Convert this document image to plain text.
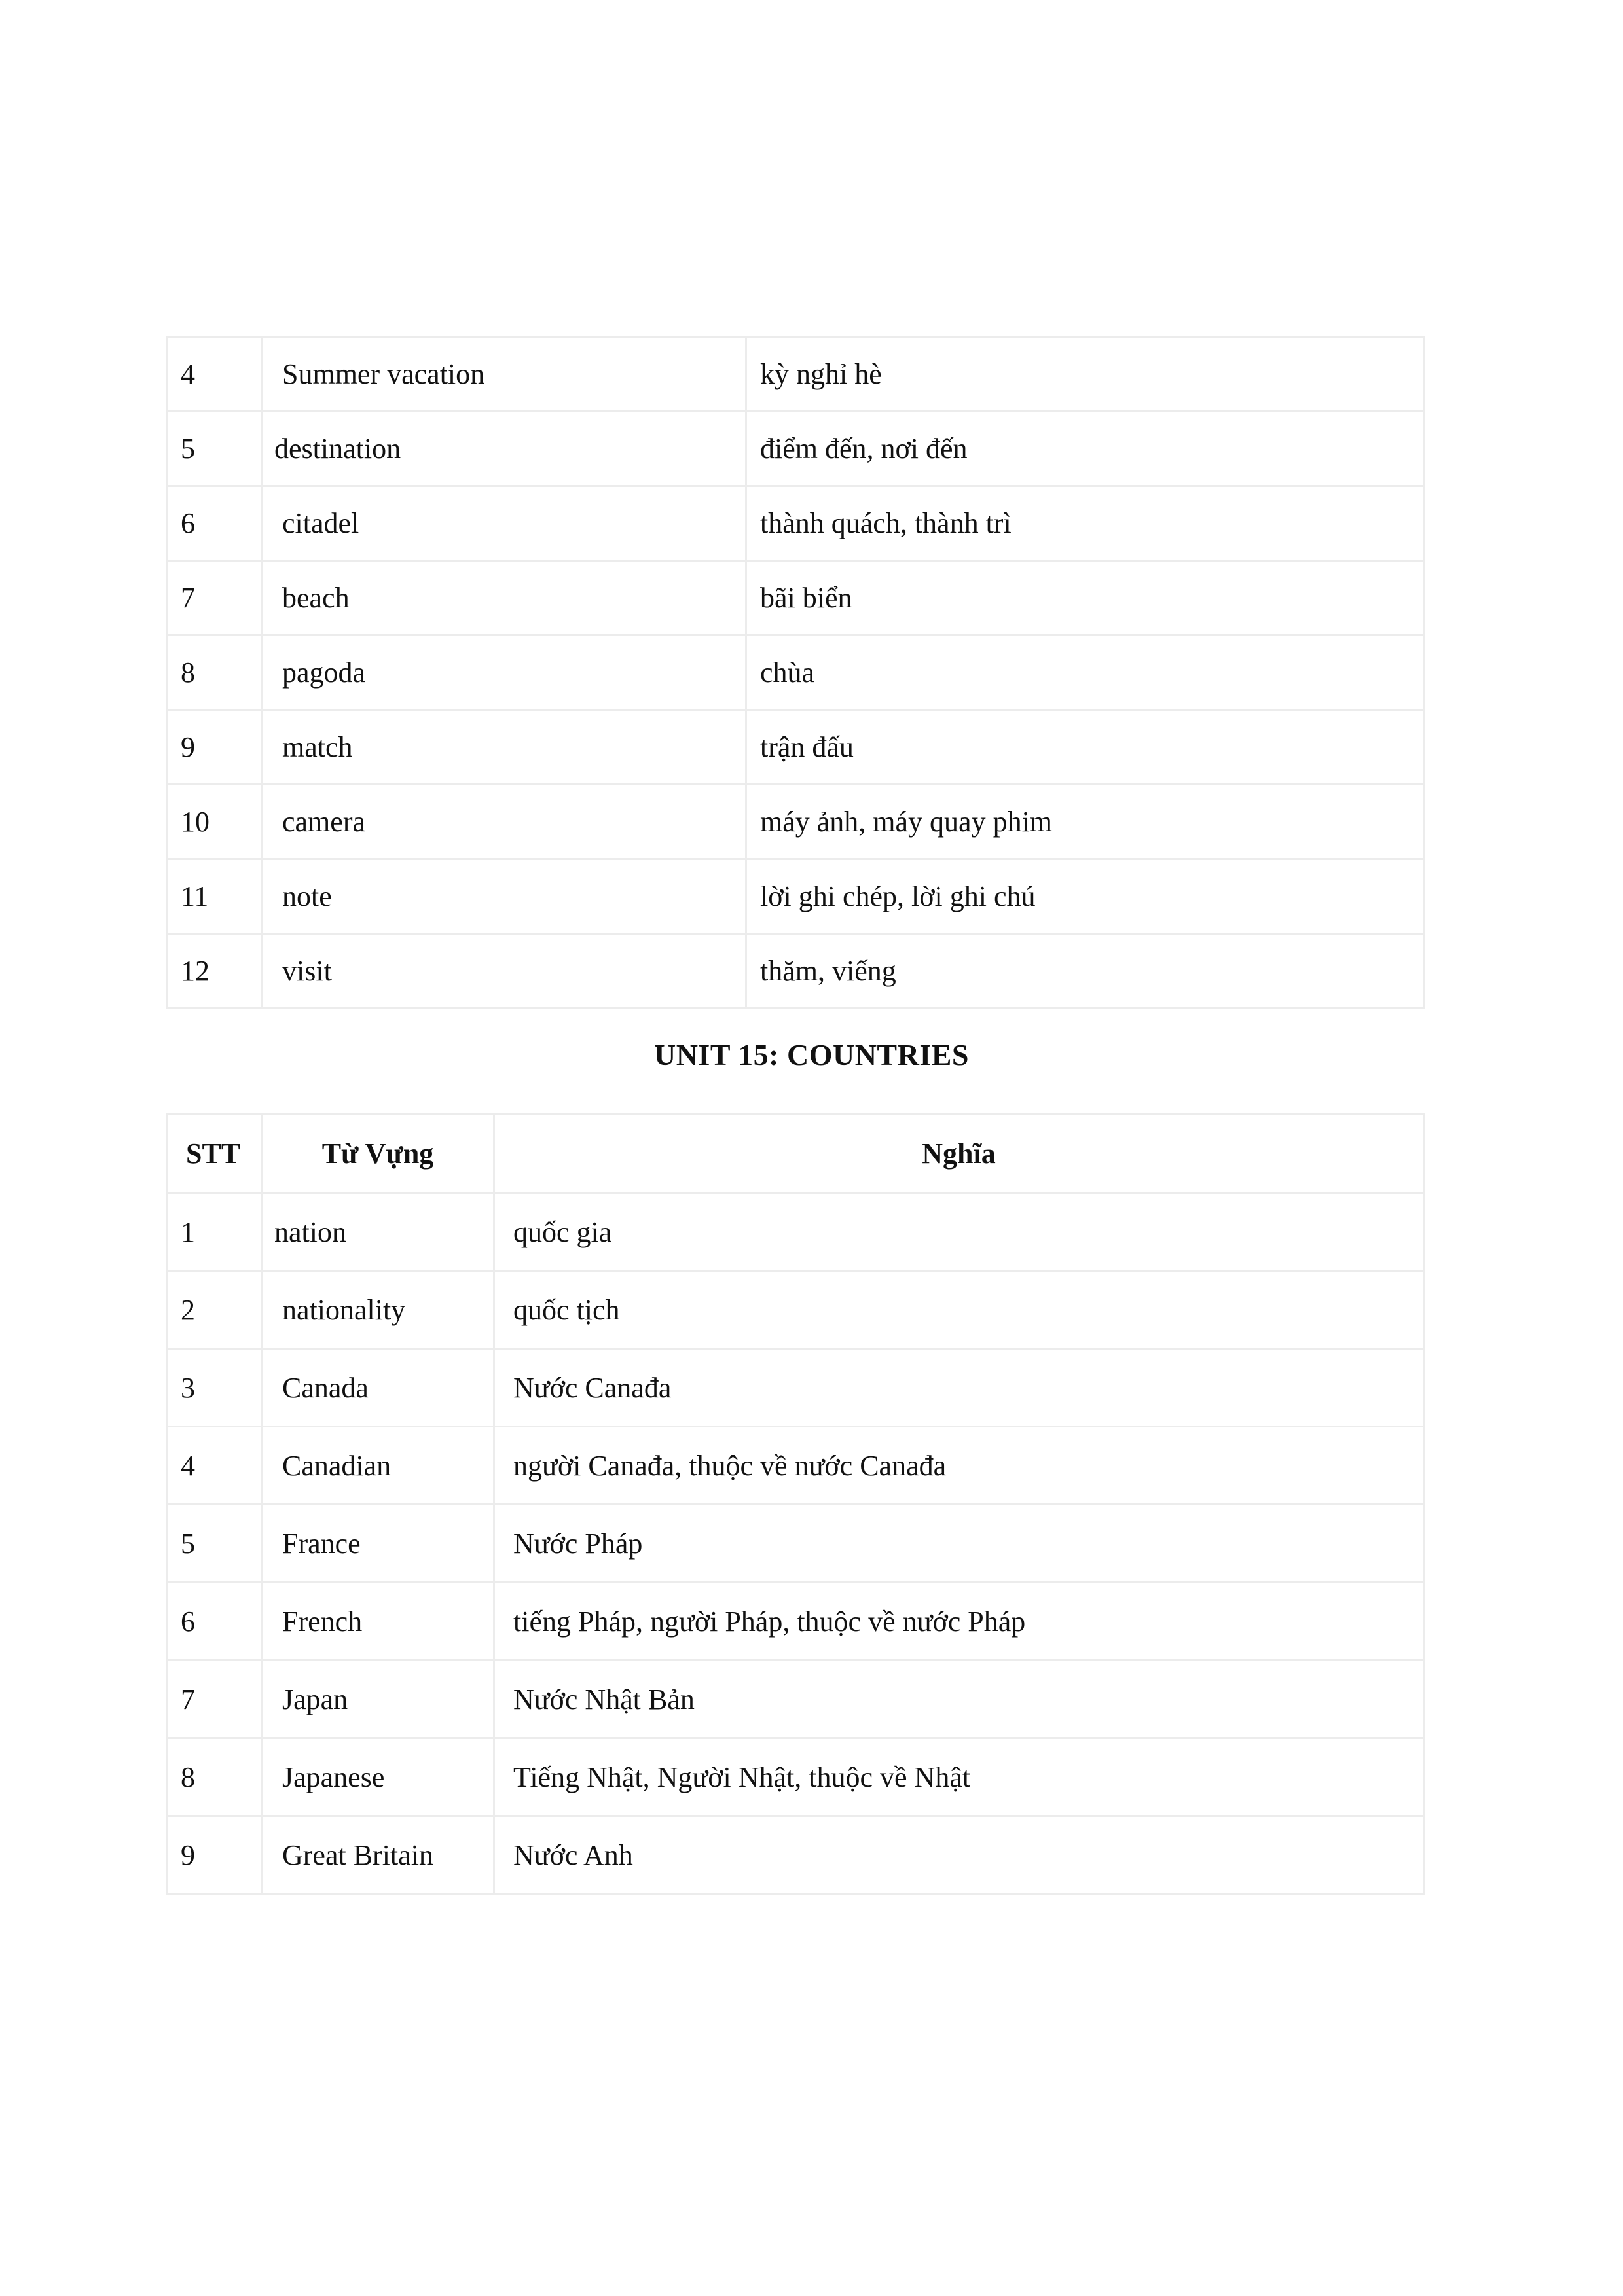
4	Summer vacation	kỳ nghỉ hè
5	destination	điểm đến, nơi đến
6	citadel	thành quách, thành trì
7	beach	bãi biển
8	pagoda	chùa
9	match	trận đấu
10	camera	máy ảnh, máy quay phim
11	note	lời ghi chép, lời ghi chú
12	visit	thăm, viếng
UNIT 15: COUNTRIES
STT	Từ Vựng	Nghĩa
1	nation	quốc gia
2	nationality	quốc tịch
3	Canada	Nước Canađa
4	Canadian	người Canađa, thuộc về nước Canađa
5	France	Nước Pháp
6	French	tiếng Pháp, người Pháp, thuộc về nước Pháp
7	Japan	Nước Nhật Bản
8	Japanese	Tiếng Nhật, Người Nhật, thuộc về Nhật
9	Great Britain	Nước Anh
